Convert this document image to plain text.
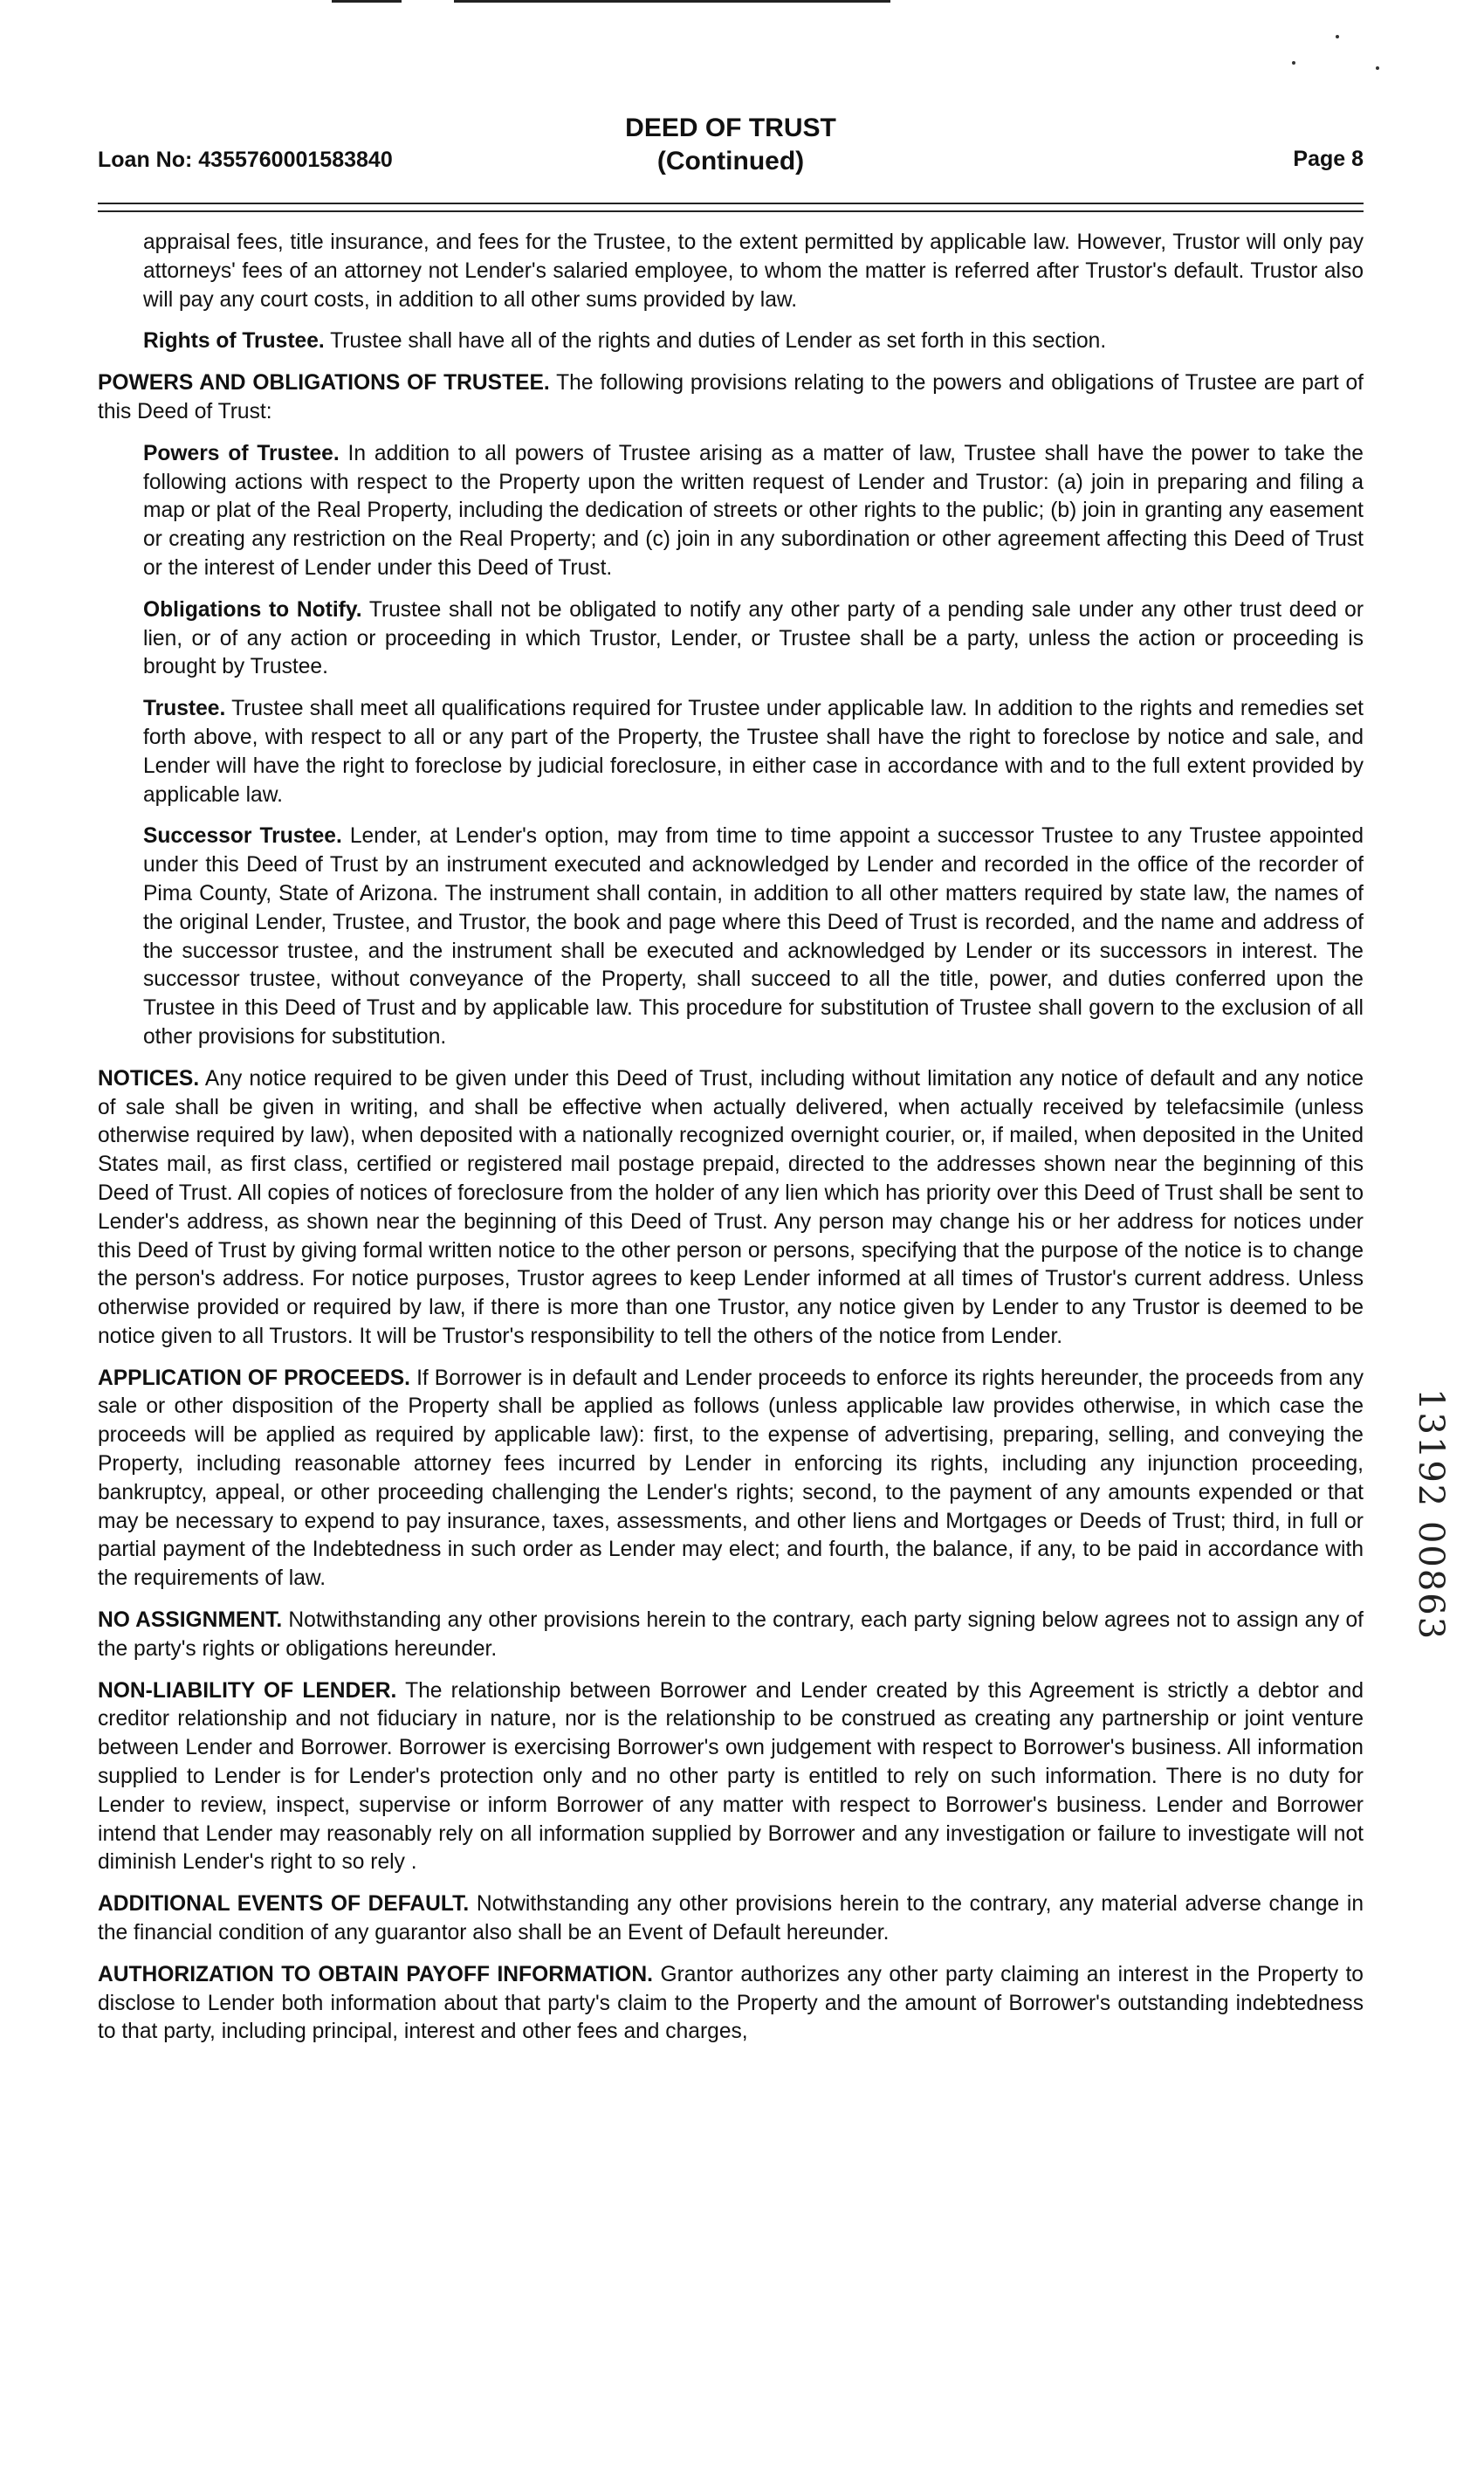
Loan No: 4355760001583840
DEED OF TRUST
(Continued)	Page 8

appraisal fees, title insurance, and fees for the Trustee, to the extent permitted by applicable law. However, Trustor will only pay attorneys' fees of an attorney not Lender's salaried employee, to whom the matter is referred after Trustor's default. Trustor also will pay any court costs, in addition to all other sums provided by law.

Rights of Trustee. Trustee shall have all of the rights and duties of Lender as set forth in this section.

POWERS AND OBLIGATIONS OF TRUSTEE. The following provisions relating to the powers and obligations of Trustee are part of this Deed of Trust:

Powers of Trustee. In addition to all powers of Trustee arising as a matter of law, Trustee shall have the power to take the following actions with respect to the Property upon the written request of Lender and Trustor: (a) join in preparing and filing a map or plat of the Real Property, including the dedication of streets or other rights to the public; (b) join in granting any easement or creating any restriction on the Real Property; and (c) join in any subordination or other agreement affecting this Deed of Trust or the interest of Lender under this Deed of Trust.

Obligations to Notify. Trustee shall not be obligated to notify any other party of a pending sale under any other trust deed or lien, or of any action or proceeding in which Trustor, Lender, or Trustee shall be a party, unless the action or proceeding is brought by Trustee.

Trustee. Trustee shall meet all qualifications required for Trustee under applicable law. In addition to the rights and remedies set forth above, with respect to all or any part of the Property, the Trustee shall have the right to foreclose by notice and sale, and Lender will have the right to foreclose by judicial foreclosure, in either case in accordance with and to the full extent provided by applicable law.

Successor Trustee. Lender, at Lender's option, may from time to time appoint a successor Trustee to any Trustee appointed under this Deed of Trust by an instrument executed and acknowledged by Lender and recorded in the office of the recorder of Pima County, State of Arizona. The instrument shall contain, in addition to all other matters required by state law, the names of the original Lender, Trustee, and Trustor, the book and page where this Deed of Trust is recorded, and the name and address of the successor trustee, and the instrument shall be executed and acknowledged by Lender or its successors in interest. The successor trustee, without conveyance of the Property, shall succeed to all the title, power, and duties conferred upon the Trustee in this Deed of Trust and by applicable law. This procedure for substitution of Trustee shall govern to the exclusion of all other provisions for substitution.

NOTICES. Any notice required to be given under this Deed of Trust, including without limitation any notice of default and any notice of sale shall be given in writing, and shall be effective when actually delivered, when actually received by telefacsimile (unless otherwise required by law), when deposited with a nationally recognized overnight courier, or, if mailed, when deposited in the United States mail, as first class, certified or registered mail postage prepaid, directed to the addresses shown near the beginning of this Deed of Trust. All copies of notices of foreclosure from the holder of any lien which has priority over this Deed of Trust shall be sent to Lender's address, as shown near the beginning of this Deed of Trust. Any person may change his or her address for notices under this Deed of Trust by giving formal written notice to the other person or persons, specifying that the purpose of the notice is to change the person's address. For notice purposes, Trustor agrees to keep Lender informed at all times of Trustor's current address. Unless otherwise provided or required by law, if there is more than one Trustor, any notice given by Lender to any Trustor is deemed to be notice given to all Trustors. It will be Trustor's responsibility to tell the others of the notice from Lender.

APPLICATION OF PROCEEDS. If Borrower is in default and Lender proceeds to enforce its rights hereunder, the proceeds from any sale or other disposition of the Property shall be applied as follows (unless applicable law provides otherwise, in which case the proceeds will be applied as required by applicable law): first, to the expense of advertising, preparing, selling, and conveying the Property, including reasonable attorney fees incurred by Lender in enforcing its rights, including any injunction proceeding, bankruptcy, appeal, or other proceeding challenging the Lender's rights; second, to the payment of any amounts expended or that may be necessary to expend to pay insurance, taxes, assessments, and other liens and Mortgages or Deeds of Trust; third, in full or partial payment of the Indebtedness in such order as Lender may elect; and fourth, the balance, if any, to be paid in accordance with the requirements of law.

NO ASSIGNMENT. Notwithstanding any other provisions herein to the contrary, each party signing below agrees not to assign any of the party's rights or obligations hereunder.

NON-LIABILITY OF LENDER. The relationship between Borrower and Lender created by this Agreement is strictly a debtor and creditor relationship and not fiduciary in nature, nor is the relationship to be construed as creating any partnership or joint venture between Lender and Borrower. Borrower is exercising Borrower's own judgement with respect to Borrower's business. All information supplied to Lender is for Lender's protection only and no other party is entitled to rely on such information. There is no duty for Lender to review, inspect, supervise or inform Borrower of any matter with respect to Borrower's business. Lender and Borrower intend that Lender may reasonably rely on all information supplied by Borrower and any investigation or failure to investigate will not diminish Lender's right to so rely .

ADDITIONAL EVENTS OF DEFAULT. Notwithstanding any other provisions herein to the contrary, any material adverse change in the financial condition of any guarantor also shall be an Event of Default hereunder.

AUTHORIZATION TO OBTAIN PAYOFF INFORMATION. Grantor authorizes any other party claiming an interest in the Property to disclose to Lender both information about that party's claim to the Property and the amount of Borrower's outstanding indebtedness to that party, including principal, interest and other fees and charges,

13192 00863
